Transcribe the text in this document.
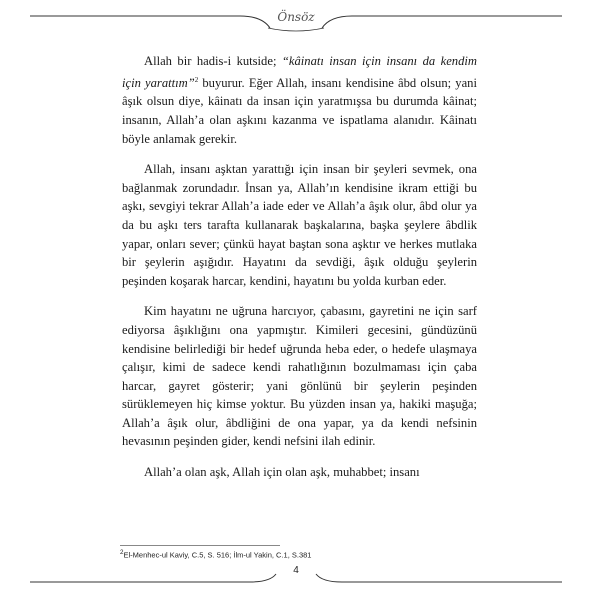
Önsöz

Allah bir hadis-i kutside; “kâinatı insan için insanı da kendim için yarattım”$^2$ buyurur. Eğer Allah, insanı kendisine âbd olsun; yani âşık olsun diye, kâinatı da insan için yaratmışsa bu durumda kâinat; insanın, Allah’a olan aşkını kazanma ve ispatlama alanıdır. Kâinatı böyle anlamak gerekir.

Allah, insanı aşktan yarattığı için insan bir şeyleri sevmek, ona bağlanmak zorundadır. İnsan ya, Allah’ın kendisine ikram ettiği bu aşkı, sevgiyi tekrar Allah’a iade eder ve Allah’a âşık olur, âbd olur ya da bu aşkı ters tarafta kullanarak başkalarına, başka şeylere âbdlik yapar, onları sever; çünkü hayat baştan sona aşktır ve herkes mutlaka bir şeylerin aşığıdır. Hayatını da sevdiği, âşık olduğu şeylerin peşinden koşarak harcar, kendini, hayatını bu yolda kurban eder.

Kim hayatını ne uğruna harcıyor, çabasını, gayretini ne için sarf ediyorsa âşıklığını ona yapmıştır. Kimileri gecesini, gündüzünü kendisine belirlediği bir hedef uğrunda heba eder, o hedefe ulaşmaya çalışır, kimi de sadece kendi rahatlığının bozulmaması için çaba harcar, gayret gösterir; yani gönlünü bir şeylerin peşinden sürüklemeyen hiç kimse yoktur. Bu yüzden insan ya, hakiki maşuğa; Allah’a âşık olur, âbdliğini de ona yapar, ya da kendi nefsinin hevasının peşinden gider, kendi nefsini ilah edinir.

Allah’a olan aşk, Allah için olan aşk, muhabbet; insanı

$^2$El-Menhec-ul Kaviy, C.5, S. 516; İlm-ul Yakin, C.1, S.381
4
